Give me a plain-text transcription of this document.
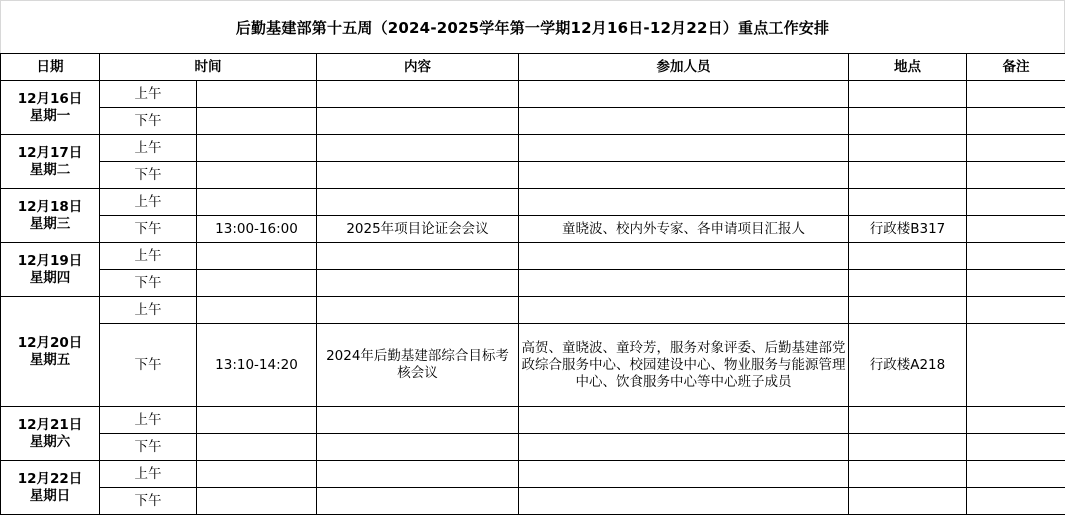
后勤基建部第十五周（2024-2025学年第一学期12月16日-12月22日）重点工作安排
日期	时间		内容	参加人员	地点	备注

12月16日
星期一	上午					
	下午					

12月17日
星期二	上午					
	下午					

12月18日
星期三	上午					
	下午	13:00-16:00	2025年项目论证会会议	童晓波、校内外专家、各申请项目汇报人	行政楼B317	

12月19日
星期四	上午					
	下午					

12月20日
星期五	上午					
	下午	13:10-14:20	2024年后勤基建部综合目标考核会议	高贺、童晓波、童玲芳，服务对象评委、后勤基建部党政综合服务中心、校园建设中心、物业服务与能源管理中心、饮食服务中心等中心班子成员	行政楼A218	

12月21日
星期六	上午					
	下午					

12月22日
星期日	上午					
	下午					
